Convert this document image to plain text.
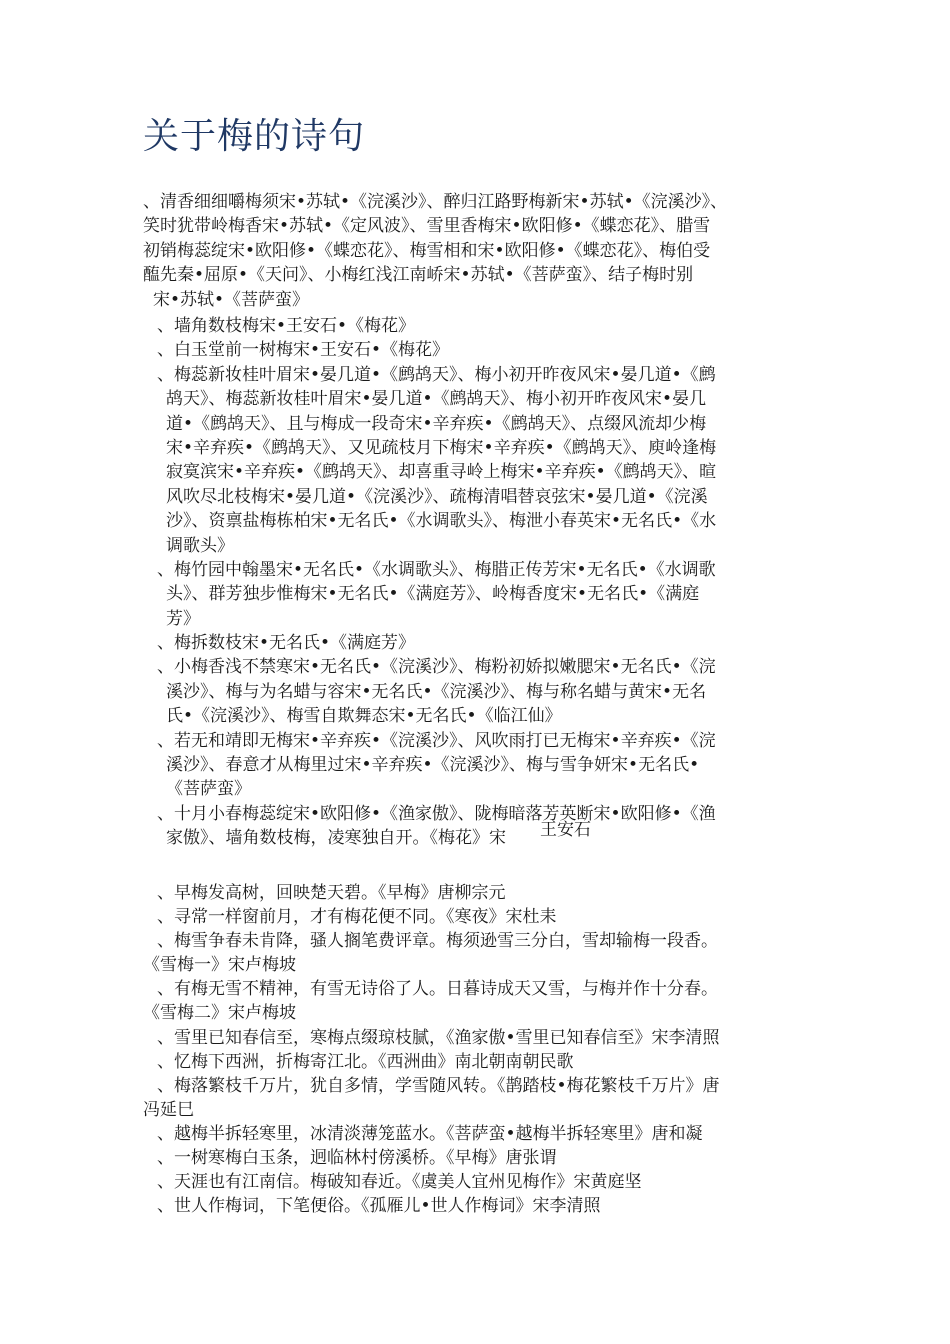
关于梅的诗句
、清香细细嚼梅须宋•苏轼•《浣溪沙》、醉归江路野梅新宋•苏轼•《浣溪沙》、
笑时犹带岭梅香宋•苏轼•《定风波》、雪里香梅宋•欧阳修•《蝶恋花》、腊雪
初销梅蕊绽宋•欧阳修•《蝶恋花》、梅雪相和宋•欧阳修•《蝶恋花》、梅伯受
醢先秦•屈原•《天问》、小梅红浅江南峤宋•苏轼•《菩萨蛮》、结子梅时别
宋•苏轼•《菩萨蛮》
、墙角数枝梅宋•王安石•《梅花》
、白玉堂前一树梅宋•王安石•《梅花》
、梅蕊新妆桂叶眉宋•晏几道•《鹧鸪天》、梅小初开昨夜风宋•晏几道•《鹧
鸪天》、梅蕊新妆桂叶眉宋•晏几道•《鹧鸪天》、梅小初开昨夜风宋•晏几
道•《鹧鸪天》、且与梅成一段奇宋•辛弃疾•《鹧鸪天》、点缀风流却少梅
宋•辛弃疾•《鹧鸪天》、又见疏枝月下梅宋•辛弃疾•《鹧鸪天》、庾岭逢梅
寂寞滨宋•辛弃疾•《鹧鸪天》、却喜重寻岭上梅宋•辛弃疾•《鹧鸪天》、暄
风吹尽北枝梅宋•晏几道•《浣溪沙》、疏梅清唱替哀弦宋•晏几道•《浣溪
沙》、资禀盐梅栋柏宋•无名氏•《水调歌头》、梅泄小春英宋•无名氏•《水
调歌头》
、梅竹园中翰墨宋•无名氏•《水调歌头》、梅腊正传芳宋•无名氏•《水调歌
头》、群芳独步惟梅宋•无名氏•《满庭芳》、岭梅香度宋•无名氏•《满庭
芳》
、梅拆数枝宋•无名氏•《满庭芳》
、小梅香浅不禁寒宋•无名氏•《浣溪沙》、梅粉初娇拟嫩腮宋•无名氏•《浣
溪沙》、梅与为名蜡与容宋•无名氏•《浣溪沙》、梅与称名蜡与黄宋•无名
氏•《浣溪沙》、梅雪自欺舞态宋•无名氏•《临江仙》
、若无和靖即无梅宋•辛弃疾•《浣溪沙》、风吹雨打已无梅宋•辛弃疾•《浣
溪沙》、春意才从梅里过宋•辛弃疾•《浣溪沙》、梅与雪争妍宋•无名氏•
《菩萨蛮》
、十月小春梅蕊绽宋•欧阳修•《渔家傲》、陇梅暗落芳英断宋•欧阳修•《渔
家傲》、墙角数枝梅，凌寒独自开。《梅花》宋	王安石
、早梅发高树，回映楚天碧。《早梅》唐柳宗元
、寻常一样窗前月，才有梅花便不同。《寒夜》宋杜耒
、梅雪争春未肯降，骚人搁笔费评章。梅须逊雪三分白，雪却输梅一段香。
《雪梅一》宋卢梅坡
、有梅无雪不精神，有雪无诗俗了人。日暮诗成天又雪，与梅并作十分春。
《雪梅二》宋卢梅坡
、雪里已知春信至，寒梅点缀琼枝腻，《渔家傲•雪里已知春信至》宋李清照
、忆梅下西洲，折梅寄江北。《西洲曲》南北朝南朝民歌
、梅落繁枝千万片，犹自多情，学雪随风转。《鹊踏枝•梅花繁枝千万片》唐
冯延巳
、越梅半拆轻寒里，冰清淡薄笼蓝水。《菩萨蛮•越梅半拆轻寒里》唐和凝
、一树寒梅白玉条，迥临林村傍溪桥。《早梅》唐张谓
、天涯也有江南信。梅破知春近。《虞美人宜州见梅作》宋黄庭坚
、世人作梅词，下笔便俗。《孤雁儿•世人作梅词》宋李清照
